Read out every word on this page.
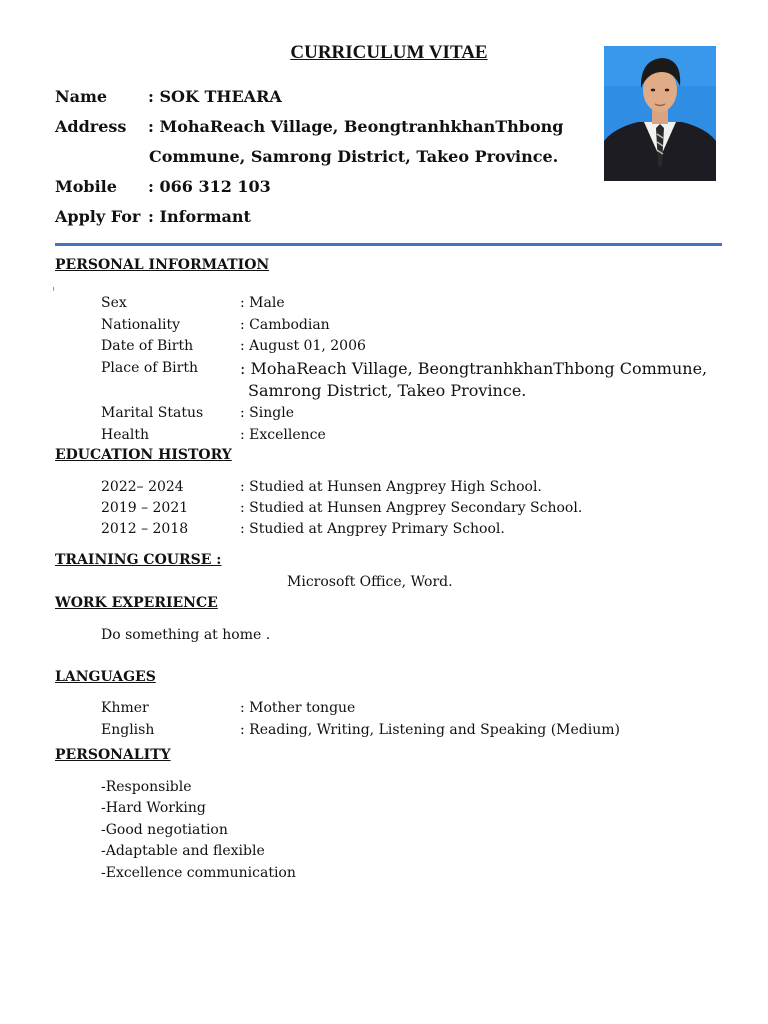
CURRICULUM VITAE
Name	: SOK THEARA
Address : MohaReach Village, BeongtranhkhanThbong
Commune, Samrong District, Takeo Province.
Mobile : 066 312 103
Apply For : Informant
PERSONAL INFORMATION
Sex	: Male
Nationality	: Cambodian
Date of Birth	: August 01, 2006
Place of Birth	: MohaReach Village, BeongtranhkhanThbong Commune,
Samrong District, Takeo Province.
Marital Status	: Single
Health	: Excellence
EDUCATION HISTORY
2022– 2024	: Studied at Hunsen Angprey High School.
2019 – 2021	: Studied at Hunsen Angprey Secondary School.
2012 – 2018	: Studied at Angprey Primary School.
TRAINING COURSE :
Microsoft Office, Word.
WORK EXPERIENCE
Do something at home .
LANGUAGES
Khmer	: Mother tongue
English	: Reading, Writing, Listening and Speaking (Medium)
PERSONALITY
-Responsible
-Hard Working
-Good negotiation
-Adaptable and flexible
-Excellence communication
